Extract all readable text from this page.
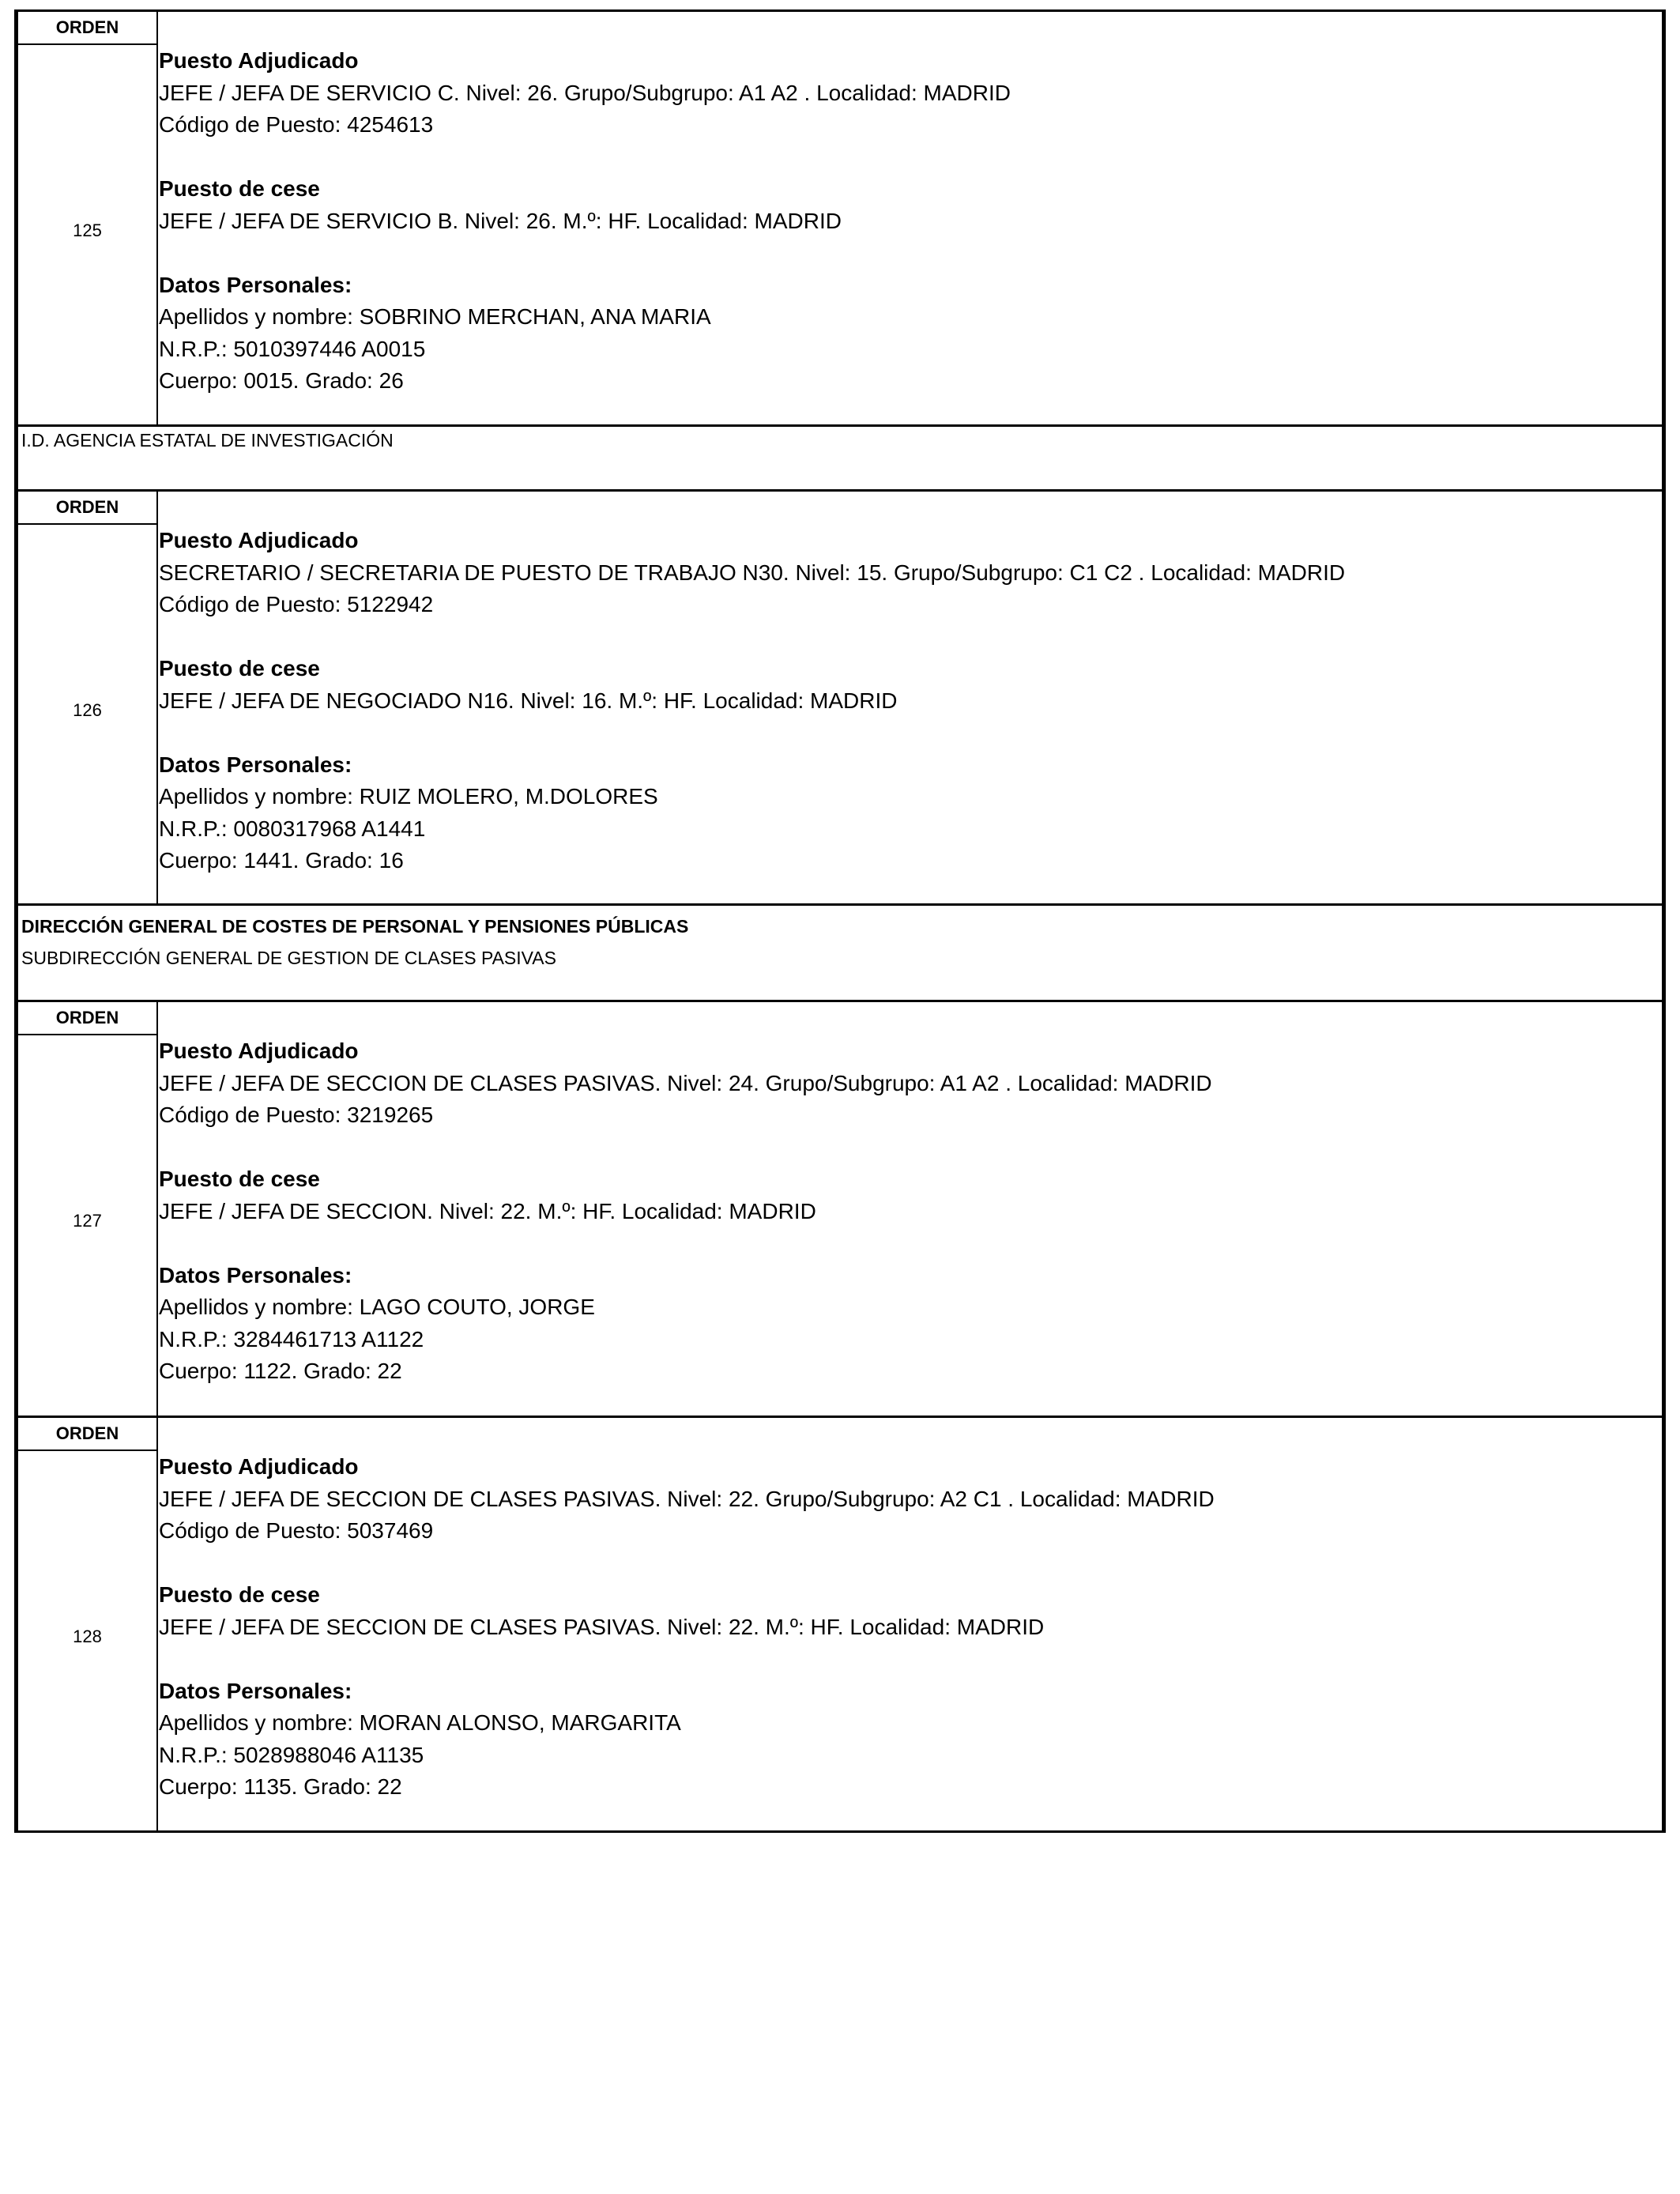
ORDEN
125
Puesto Adjudicado
JEFE / JEFA DE SERVICIO C. Nivel: 26. Grupo/Subgrupo: A1 A2 . Localidad: MADRID
Código de Puesto: 4254613
Puesto de cese
JEFE / JEFA DE SERVICIO B. Nivel: 26. M.º: HF. Localidad: MADRID
Datos Personales:
Apellidos y nombre: SOBRINO MERCHAN, ANA MARIA
N.R.P.: 5010397446 A0015
Cuerpo: 0015. Grado: 26
I.D. AGENCIA ESTATAL DE INVESTIGACIÓN
ORDEN
126
Puesto Adjudicado
SECRETARIO / SECRETARIA DE PUESTO DE TRABAJO N30. Nivel: 15. Grupo/Subgrupo: C1 C2 . Localidad: MADRID
Código de Puesto: 5122942
Puesto de cese
JEFE / JEFA DE NEGOCIADO N16. Nivel: 16. M.º: HF. Localidad: MADRID
Datos Personales:
Apellidos y nombre: RUIZ MOLERO, M.DOLORES
N.R.P.: 0080317968 A1441
Cuerpo: 1441. Grado: 16
DIRECCIÓN GENERAL DE COSTES DE PERSONAL Y PENSIONES PÚBLICAS
SUBDIRECCIÓN GENERAL DE GESTION DE CLASES PASIVAS
ORDEN
127
Puesto Adjudicado
JEFE / JEFA DE SECCION DE CLASES PASIVAS. Nivel: 24. Grupo/Subgrupo: A1 A2 . Localidad: MADRID
Código de Puesto: 3219265
Puesto de cese
JEFE / JEFA DE SECCION. Nivel: 22. M.º: HF. Localidad: MADRID
Datos Personales:
Apellidos y nombre: LAGO COUTO, JORGE
N.R.P.: 3284461713 A1122
Cuerpo: 1122. Grado: 22
ORDEN
128
Puesto Adjudicado
JEFE / JEFA DE SECCION DE CLASES PASIVAS. Nivel: 22. Grupo/Subgrupo: A2 C1 . Localidad: MADRID
Código de Puesto: 5037469
Puesto de cese
JEFE / JEFA DE SECCION DE CLASES PASIVAS. Nivel: 22. M.º: HF. Localidad: MADRID
Datos Personales:
Apellidos y nombre: MORAN ALONSO, MARGARITA
N.R.P.: 5028988046 A1135
Cuerpo: 1135. Grado: 22
